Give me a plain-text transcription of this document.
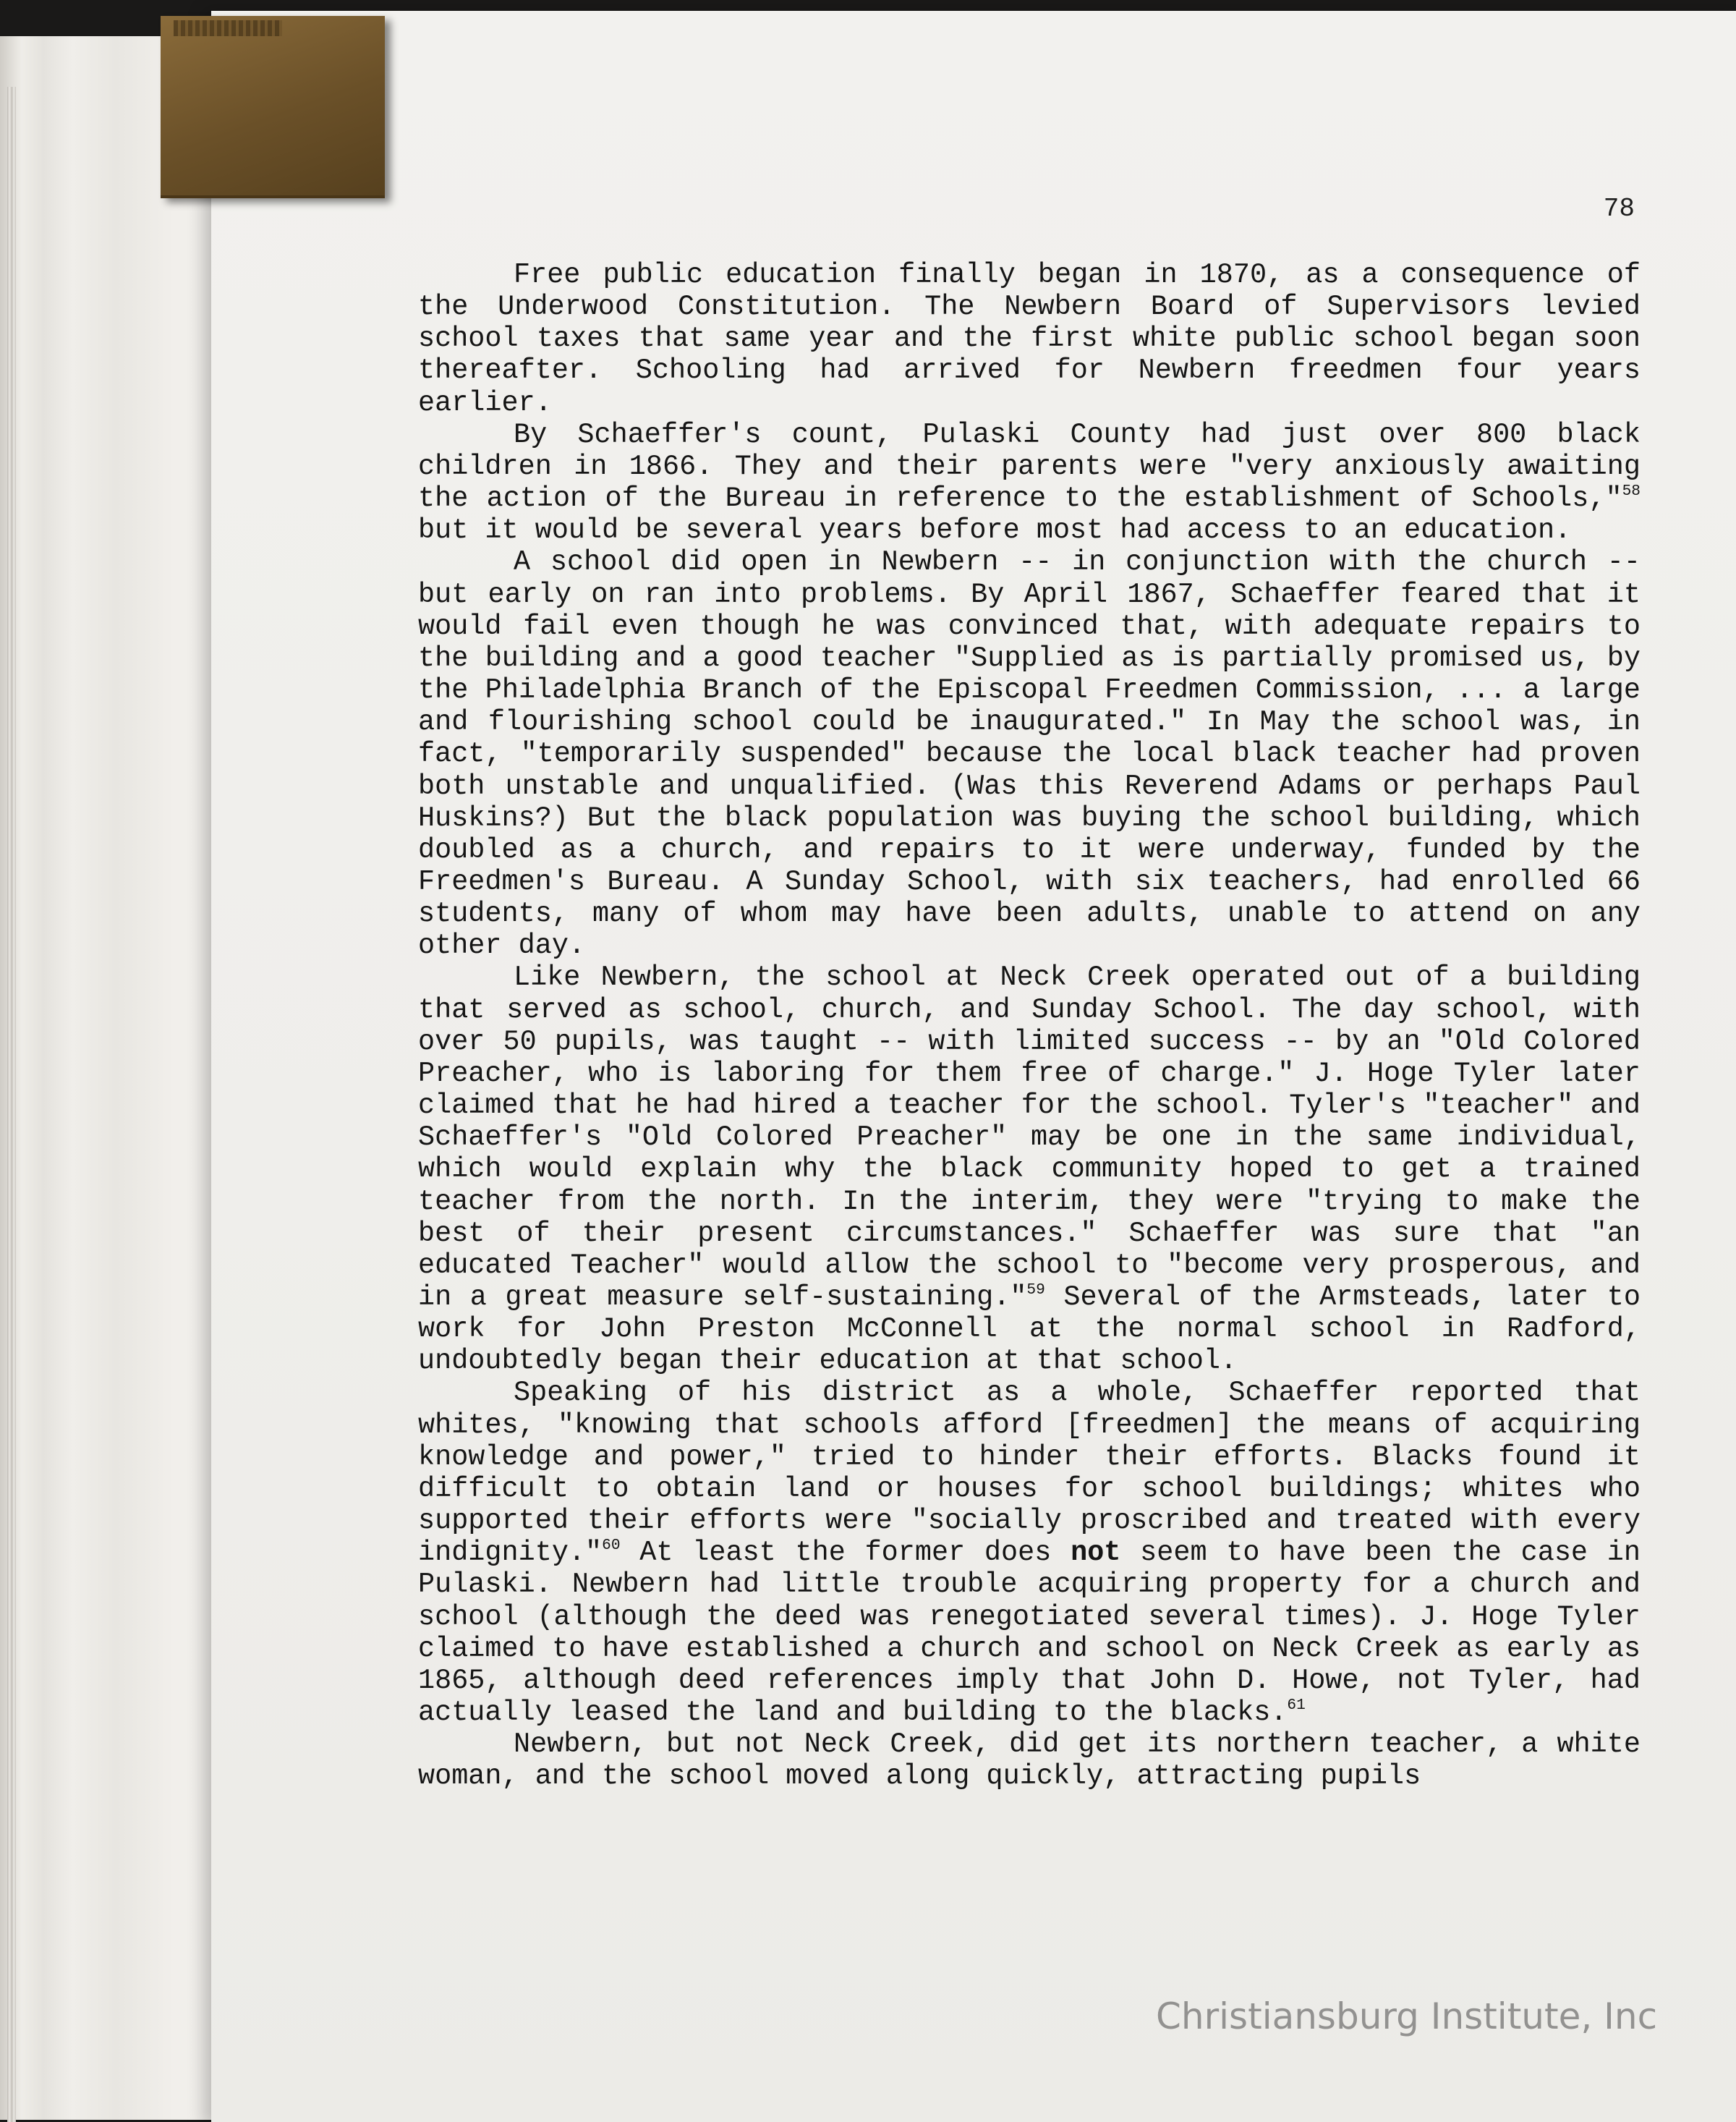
78

Free public education finally began in 1870, as a consequence of the Underwood Constitution. The Newbern Board of Supervisors levied school taxes that same year and the first white public school began soon thereafter. Schooling had arrived for Newbern freedmen four years earlier.

By Schaeffer's count, Pulaski County had just over 800 black children in 1866. They and their parents were "very anxiously awaiting the action of the Bureau in reference to the establishment of Schools,"$^{58}$ but it would be several years before most had access to an education.

A school did open in Newbern -- in conjunction with the church -- but early on ran into problems. By April 1867, Schaeffer feared that it would fail even though he was convinced that, with adequate repairs to the building and a good teacher "Supplied as is partially promised us, by the Philadelphia Branch of the Episcopal Freedmen Commission, ... a large and flourishing school could be inaugurated." In May the school was, in fact, "temporarily suspended" because the local black teacher had proven both unstable and unqualified. (Was this Reverend Adams or perhaps Paul Huskins?) But the black population was buying the school building, which doubled as a church, and repairs to it were underway, funded by the Freedmen's Bureau. A Sunday School, with six teachers, had enrolled 66 students, many of whom may have been adults, unable to attend on any other day.

Like Newbern, the school at Neck Creek operated out of a building that served as school, church, and Sunday School. The day school, with over 50 pupils, was taught -- with limited success -- by an "Old Colored Preacher, who is laboring for them free of charge." J. Hoge Tyler later claimed that he had hired a teacher for the school. Tyler's "teacher" and Schaeffer's "Old Colored Preacher" may be one in the same individual, which would explain why the black community hoped to get a trained teacher from the north. In the interim, they were "trying to make the best of their present circumstances." Schaeffer was sure that "an educated Teacher" would allow the school to "become very prosperous, and in a great measure self-sustaining."$^{59}$ Several of the Armsteads, later to work for John Preston McConnell at the normal school in Radford, undoubtedly began their education at that school.

Speaking of his district as a whole, Schaeffer reported that whites, "knowing that schools afford [freedmen] the means of acquiring knowledge and power," tried to hinder their efforts. Blacks found it difficult to obtain land or houses for school buildings; whites who supported their efforts were "socially proscribed and treated with every indignity."$^{60}$ At least the former does not seem to have been the case in Pulaski. Newbern had little trouble acquiring property for a church and school (although the deed was renegotiated several times). J. Hoge Tyler claimed to have established a church and school on Neck Creek as early as 1865, although deed references imply that John D. Howe, not Tyler, had actually leased the land and building to the blacks.$^{61}$

Newbern, but not Neck Creek, did get its northern teacher, a white woman, and the school moved along quickly, attracting pupils

Christiansburg Institute, Inc
